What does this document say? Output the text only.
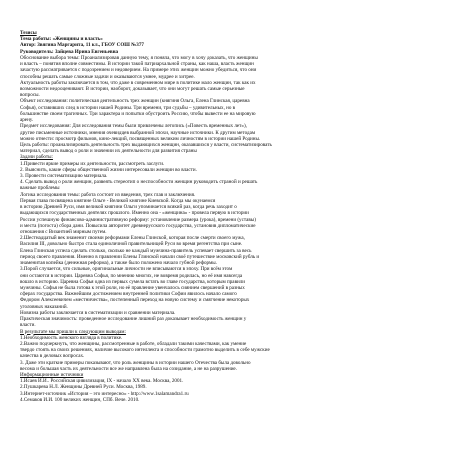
Тезисы
Тема работы: «Женщины и власть»
Автор: Звягина Маргарита, 11 кл., ГБОУ СОШ №377
Руководитель: Зайцева Ирина Евгеньевна
Обоснование выбора темы: Проанализировав данную тему, я поняла, что могу в хочу доказать, что женщины
и власть – понятия вполне совместимы. В истории такой патриархальной страны, как наша, власть женщин
зачастую рассматривается с подозрением и недоверием. На примере этих женщин можно убедиться, что они
способны решать самые сложные задачи и оказываются умнее, мудрее и хитрее.
Актуальность работы заключается в том, что даже в современном мире в политике мало женщин, так как их
возможности недооценивают. В истории, наоборот, доказывает, что они могут решать самые серьезные
вопросы.
Объект исследования: политическая деятельность трех женщин (княгиня Ольга, Елена Глинская, царевна
Софья), оставивших след в истории нашей Родины. Три времени, три судьбы – удивительных, но в
большинстве своем трагичных. Три характера и попытки обустроить Россию, чтобы вывести ее на мировую
арену.
Предмет исследования: Для исследования темы были привлечены летопись («Повесть временных лет»),
другие письменные источники, мнения очевидцев выбранной эпохи, научные источники. К другим методам
можно отнести: просмотр фильмов, кино-лекций, посвященных великим личностям в истории нашей Родины.
Цель работы: проанализировать деятельность трех выдающихся женщин, оказавшихся у власти, систематизировать
материал, сделать вывод о роли и значении их деятельности для развития страны
Задачи работы:
1.Привести яркие примеры их деятельности, рассмотреть заслуги.
2. Выяснить, какие сферы общественной жизни интересовали женщин во власти.
3. Провести систематизацию материала.
4. Сделать вывод о роли женщин, развеять стереотип о неспособности женщин руководить страной и решать
важные проблемы
Логика исследования темы: работа состоит из введения, трех глав и заключения.
Первая глава посвящена княгине Ольге - Великой княгине Киевской. Когда мы окунаемся
в историю Древней Руси, имя великой княгини Ольги упоминается всякий раз, когда речь заходит о
выдающихся государственных деятелях прошлого. Именно она - «женщина» - провела первую в истории
России успешную финансово-административную реформу: установление размера (урока), времени (уставы)
и места (погоста) сбора дани. Повысила авторитет древнерусского государства, установив дипломатические
отношения с Византией мирным путем.
2.Шестнадцатый век знаменит своими реформами Елены Глинской, которая после смерти своего мужа,
Василия III, довольно быстро стала единоличной правительницей Руси во время регентства при сыне.
Елена Глинская успела сделать столько, сколько не каждый мужчина-правитель успевает свершить за весь
период своего правления. Именно в правлении Елены Глинской начали своё путешествие московский рубль и
знаменитая копейка (денежная реформа), а также было положено начало губной реформы.
3.Порой случается, что сильные, оригинальные личности не вписываются в эпоху. При всём этом
они остаются в истории. Царевна Софья, по мнению многих, не вовремя родилась, но её имя навсегда
вошло в историю. Царевна Софья одна из первых сумела встать во главе государства, которым правили
мужчины. Софья не была готова к этой роли, но её правление увенчалось сиянием свершений в разных
сферах государства. Важнейшим достижением внутренней политики Софии явилось начало самого
Федором Алексеевичем «местничества», постепенный переход на новую систему и смягчение некоторых
уголовных наказаний.
Новизна работы заключается в систематизации и сравнении материала.
Практическая значимость: проведенное исследование лишний раз доказывает необходимость женщин у
власти.
В результате мы пришли к следующим выводам:
1.Необходимость женского взгляда в политике.
2.Важно подчеркнуть, что женщины, рассмотренные в работе, обладали такими качествами, как умение
твердо стоять на своих решениях, наличие высокого интеллекта и способности грамотно выделить в себе мужские
качества в деловых вопросах.
3. Даже эти краткие примеры показывают, что роль женщины в истории нашего Отечества была довольно
весома и большая часть их деятельности все же направлена была на созидание, а не на разрушение.
Информационные источники
1.Исаев И.И.. Российская цивилизация, IX - начало XX века. Москва, 2001.
2.Пушкарева Н.Л. Женщины Древней Руси. Москва, 1989.
3.Интернет-источник «История – это интересно» - http://www.1salamandra1.ru
4.Семаков И.И. 100 великих женщин, СПб. Вече. 2010.
